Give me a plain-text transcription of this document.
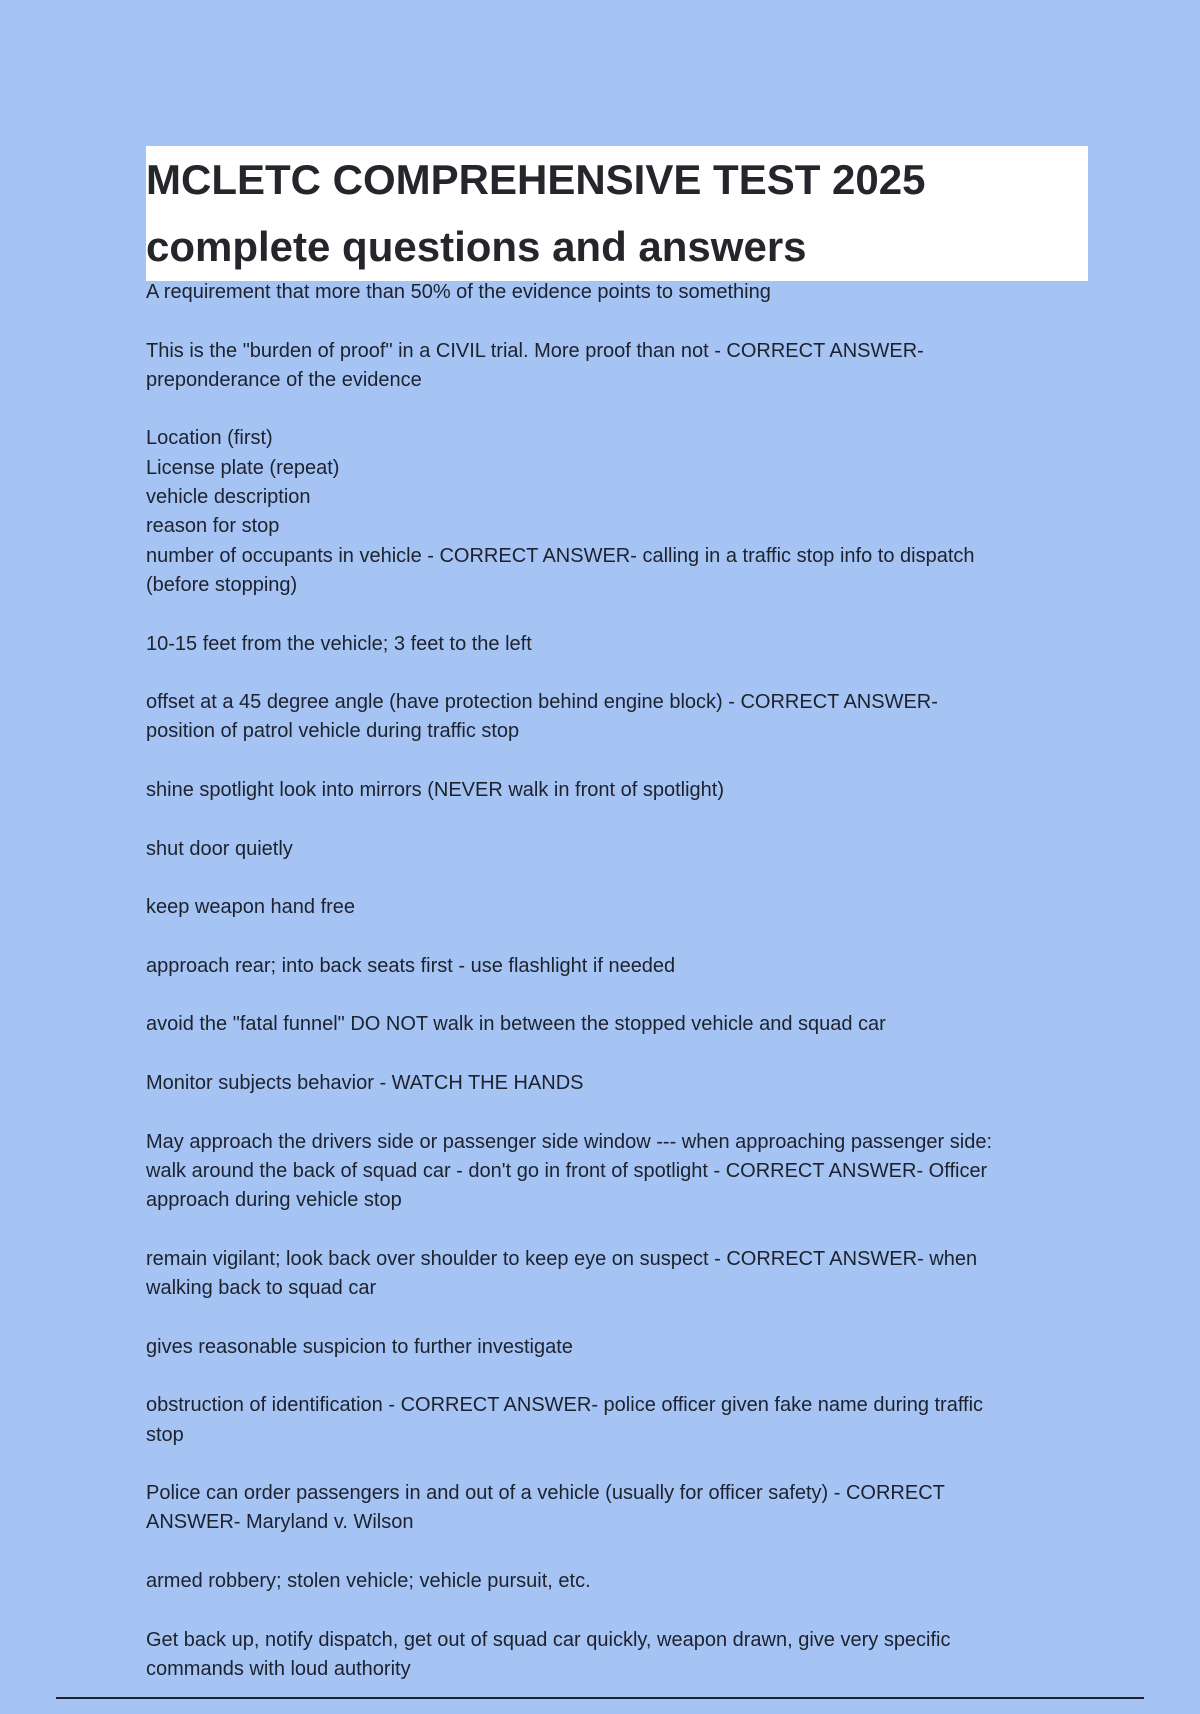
MCLETC COMPREHENSIVE TEST 2025
complete questions and answers
A requirement that more than 50% of the evidence points to something
This is the "burden of proof" in a CIVIL trial. More proof than not - CORRECT ANSWER-
preponderance of the evidence
Location (first)
License plate (repeat)
vehicle description
reason for stop
number of occupants in vehicle - CORRECT ANSWER- calling in a traffic stop info to dispatch
(before stopping)
10-15 feet from the vehicle; 3 feet to the left
offset at a 45 degree angle (have protection behind engine block) - CORRECT ANSWER-
position of patrol vehicle during traffic stop
shine spotlight look into mirrors (NEVER walk in front of spotlight)
shut door quietly
keep weapon hand free
approach rear; into back seats first - use flashlight if needed
avoid the "fatal funnel" DO NOT walk in between the stopped vehicle and squad car
Monitor subjects behavior - WATCH THE HANDS
May approach the drivers side or passenger side window --- when approaching passenger side:
walk around the back of squad car - don't go in front of spotlight - CORRECT ANSWER- Officer
approach during vehicle stop
remain vigilant; look back over shoulder to keep eye on suspect - CORRECT ANSWER- when
walking back to squad car
gives reasonable suspicion to further investigate
obstruction of identification - CORRECT ANSWER- police officer given fake name during traffic
stop
Police can order passengers in and out of a vehicle (usually for officer safety) - CORRECT
ANSWER- Maryland v. Wilson
armed robbery; stolen vehicle; vehicle pursuit, etc.
Get back up, notify dispatch, get out of squad car quickly, weapon drawn, give very specific
commands with loud authority
